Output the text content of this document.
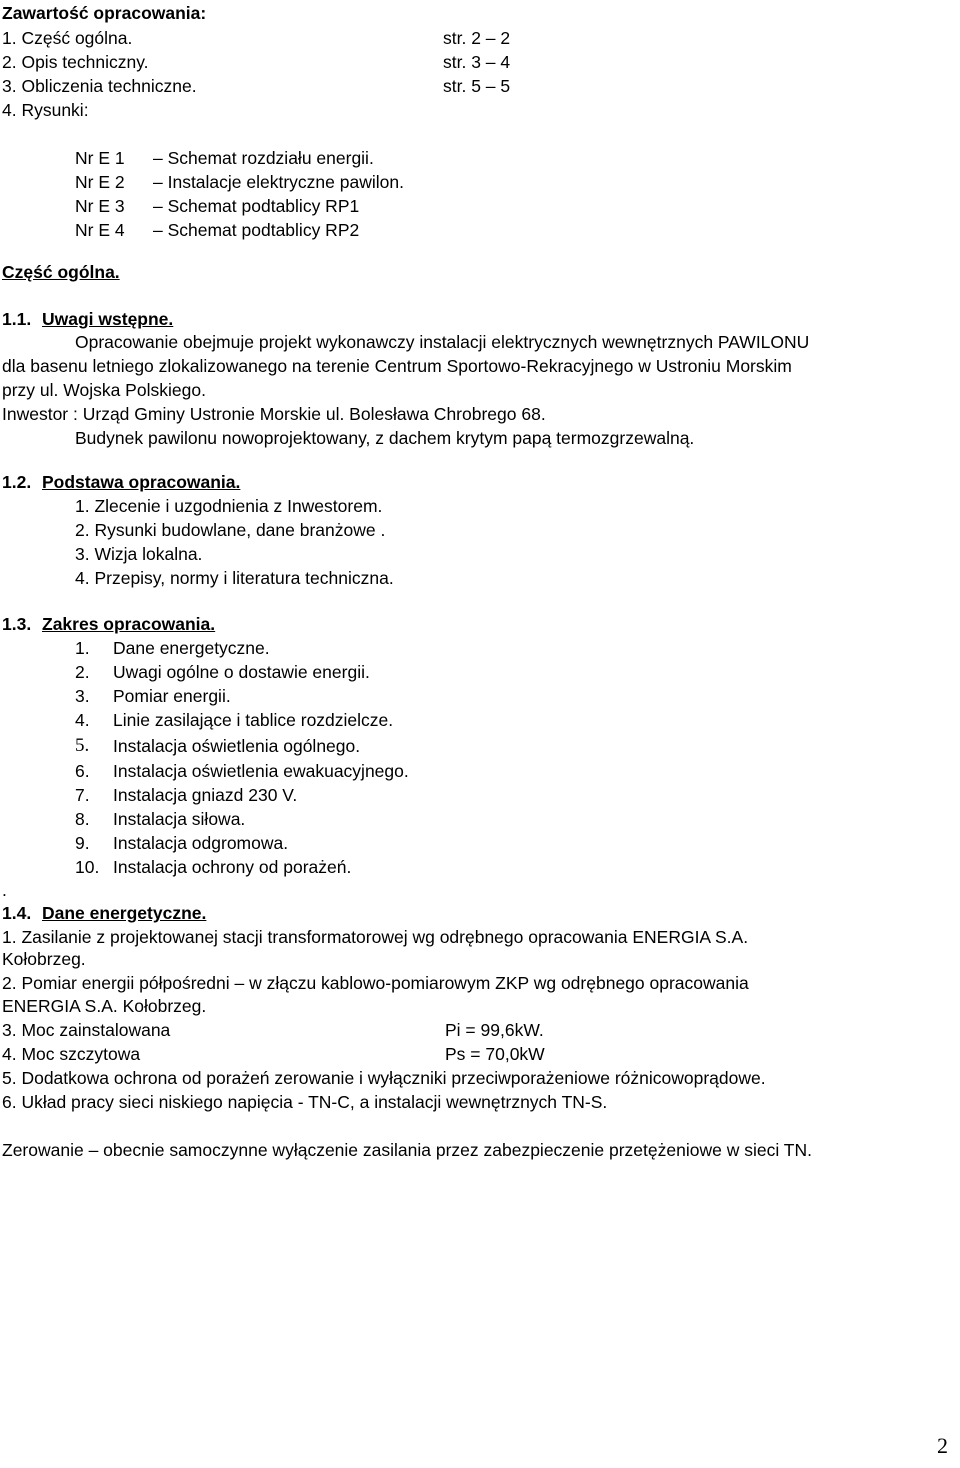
Zawartość opracowania:
1. Część ogólna.	str. 2 – 2
2. Opis techniczny.	str. 3 – 4
3. Obliczenia techniczne.	str. 5 – 5
4. Rysunki:
Nr E 1 – Schemat rozdziału energii.
Nr E 2 – Instalacje elektryczne pawilon.
Nr E 3 – Schemat podtablicy RP1
Nr E 4 – Schemat podtablicy RP2
Część ogólna.
1.1. Uwagi wstępne.
Opracowanie obejmuje projekt wykonawczy instalacji elektrycznych wewnętrznych PAWILONU
dla basenu letniego zlokalizowanego na terenie Centrum Sportowo-Rekracyjnego w Ustroniu Morskim
przy ul. Wojska Polskiego.
Inwestor : Urząd Gminy Ustronie Morskie ul. Bolesława Chrobrego 68.
Budynek pawilonu nowoprojektowany, z dachem krytym papą termozgrzewalną.
1.2. Podstawa opracowania.
1. Zlecenie i uzgodnienia z Inwestorem.
2. Rysunki budowlane, dane branżowe .
3. Wizja lokalna.
4. Przepisy, normy i literatura techniczna.
1.3. Zakres opracowania.
1. Dane energetyczne.
2. Uwagi ogólne o dostawie energii.
3. Pomiar energii.
4. Linie zasilające i tablice rozdzielcze.
5. Instalacja oświetlenia ogólnego.
6. Instalacja oświetlenia ewakuacyjnego.
7. Instalacja gniazd 230 V.
8. Instalacja siłowa.
9. Instalacja odgromowa.
10. Instalacja ochrony od porażeń.
.
1.4. Dane energetyczne.
1. Zasilanie z projektowanej stacji transformatorowej wg odrębnego opracowania ENERGIA S.A.
Kołobrzeg.
2. Pomiar energii półpośredni – w złączu kablowo-pomiarowym ZKP wg odrębnego opracowania
ENERGIA S.A. Kołobrzeg.
3. Moc zainstalowana	Pi = 99,6kW.
4. Moc szczytowa	Ps = 70,0kW
5. Dodatkowa ochrona od porażeń zerowanie i wyłączniki przeciwporażeniowe różnicowoprądowe.
6. Układ pracy sieci niskiego napięcia - TN-C, a instalacji wewnętrznych TN-S.
Zerowanie – obecnie samoczynne wyłączenie zasilania przez zabezpieczenie przetężeniowe w sieci TN.
2
